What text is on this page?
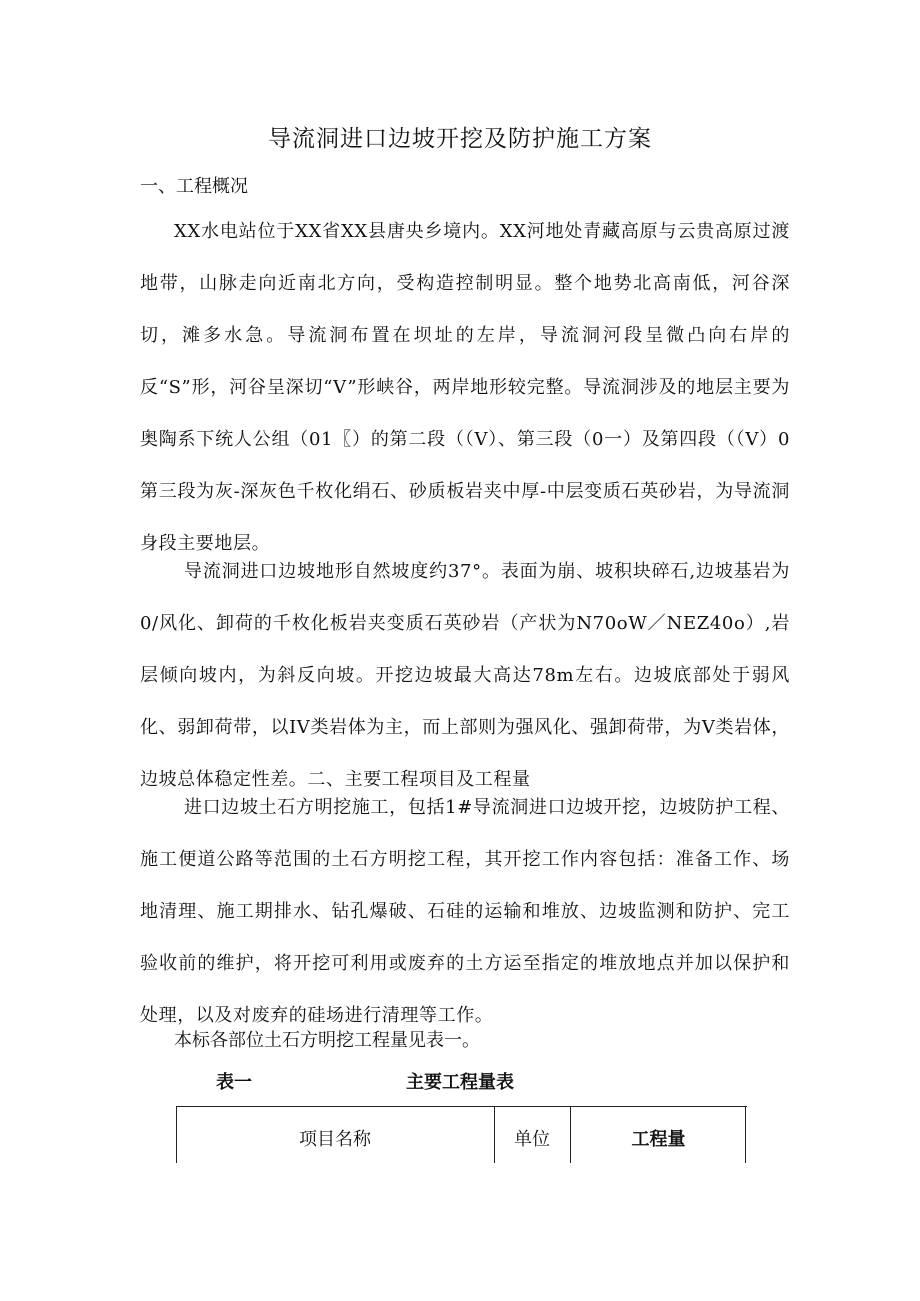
导流洞进口边坡开挖及防护施工方案
一、工程概况
XX水电站位于XX省XX县唐央乡境内。XX河地处青藏高原与云贵高原过渡地带，山脉走向近南北方向，受构造控制明显。整个地势北高南低，河谷深切，滩多水急。导流洞布置在坝址的左岸，导流洞河段呈微凸向右岸的反“S”形，河谷呈深切“V”形峡谷，两岸地形较完整。导流洞涉及的地层主要为奥陶系下统人公组（01〖）的第二段（（V）、第三段（0一）及第四段（（V）0第三段为灰-深灰色千枚化绢石、砂质板岩夹中厚-中层变质石英砂岩，为导流洞身段主要地层。
导流洞进口边坡地形自然坡度约37°。表面为崩、坡积块碎石,边坡基岩为0/风化、卸荷的千枚化板岩夹变质石英砂岩（产状为N70oW／NEZ40o）,岩层倾向坡内，为斜反向坡。开挖边坡最大高达78m左右。边坡底部处于弱风化、弱卸荷带，以IV类岩体为主，而上部则为强风化、强卸荷带，为V类岩体，边坡总体稳定性差。二、主要工程项目及工程量
进口边坡土石方明挖施工，包括1#导流洞进口边坡开挖，边坡防护工程、施工便道公路等范围的土石方明挖工程，其开挖工作内容包括：准备工作、场地清理、施工期排水、钻孔爆破、石硅的运输和堆放、边坡监测和防护、完工验收前的维护，将开挖可利用或废弃的土方运至指定的堆放地点并加以保护和处理，以及对废弃的硅场进行清理等工作。
本标各部位土石方明挖工程量见表一。
表一	主要工程量表
项目名称	单位	工程量
